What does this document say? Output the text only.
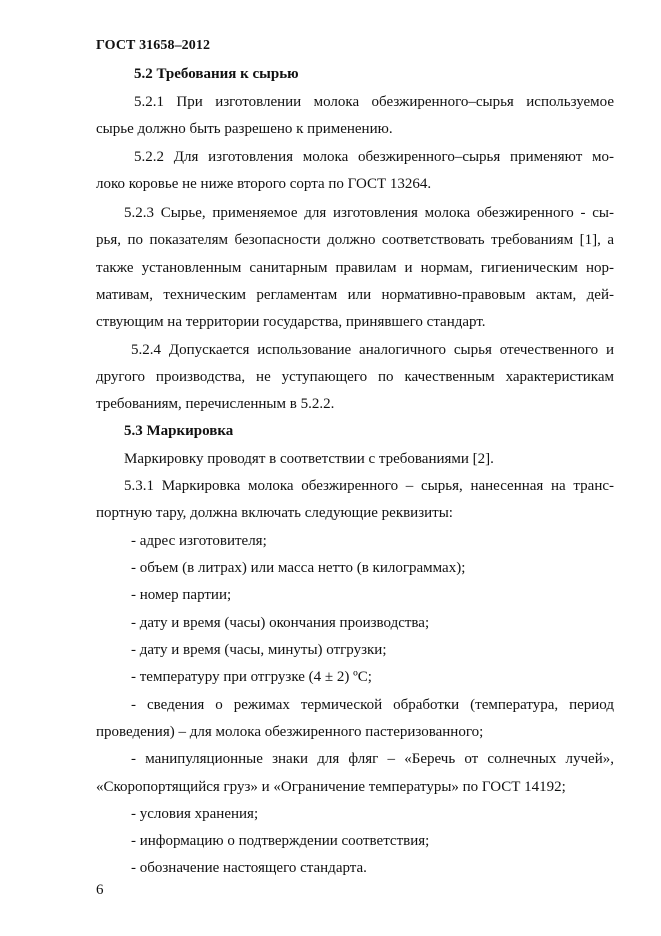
ГОСТ 31658–2012
5.2 Требования к сырью
5.2.1 При изготовлении молока обезжиренного–сырья используемое
сырье должно быть разрешено к применению.
5.2.2 Для изготовления молока обезжиренного–сырья применяют мо-
локо коровье не ниже второго сорта по ГОСТ 13264.
5.2.3 Сырье, применяемое для изготовления молока обезжиренного - сы-
рья, по показателям безопасности должно соответствовать требованиям [1], а
также установленным санитарным правилам и нормам, гигиеническим нор-
мативам, техническим регламентам или нормативно-правовым актам, дей-
ствующим на территории государства, принявшего стандарт.
5.2.4 Допускается использование аналогичного сырья отечественного и
другого производства, не уступающего по качественным характеристикам
требованиям, перечисленным в 5.2.2.
5.3 Маркировка
Маркировку проводят в соответствии с требованиями [2].
5.3.1 Маркировка молока обезжиренного – сырья, нанесенная на транс-
портную тару, должна включать следующие реквизиты:
- адрес изготовителя;
- объем (в литрах) или масса нетто (в килограммах);
- номер партии;
- дату и время (часы) окончания производства;
- дату и время (часы, минуты) отгрузки;
- температуру при отгрузке (4 ± 2) ºС;
- сведения о режимах термической обработки (температура, период
проведения) – для молока обезжиренного пастеризованного;
- манипуляционные знаки для фляг – «Беречь от солнечных лучей»,
«Скоропортящийся груз» и «Ограничение температуры» по ГОСТ 14192;
- условия хранения;
- информацию о подтверждении соответствия;
- обозначение настоящего стандарта.
6
